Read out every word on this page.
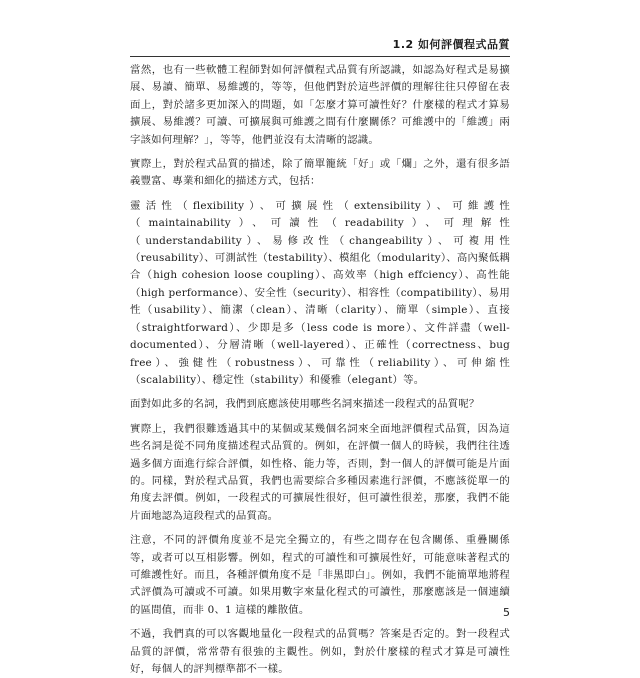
1.2 如何評價程式品質

當然，也有一些軟體工程師對如何評價程式品質有所認識，如認為好程式是易擴展、易讀、簡單、易維護的，等等，但他們對於這些評價的理解往往只停留在表面上，對於諸多更加深入的問題，如「怎麼才算可讀性好？什麼樣的程式才算易擴展、易維護？可讀、可擴展與可維護之間有什麼關係？可維護中的「維護」兩字該如何理解？」，等等，他們並沒有太清晰的認識。

實際上，對於程式品質的描述，除了簡單籠統「好」或「爛」之外，還有很多語義豐富、專業和細化的描述方式，包括：

靈活性（flexibility）、可擴展性（extensibility）、可維護性（maintainability）、可讀性（readability）、可理解性（understandability）、易修改性（changeability）、可複用性（reusability）、可測試性（testability）、模組化（modularity）、高內聚低耦合（high cohesion loose coupling）、高效率（high effciency）、高性能（high performance）、安全性（security）、相容性（compatibility）、易用性（usability）、簡潔（clean）、清晰（clarity）、簡單（simple）、直接（straightforward）、少即是多（less code is more）、文件詳盡（well-documented）、分層清晰（well-layered）、正確性（correctness、bug free）、強健性（robustness）、可靠性（reliability）、可伸縮性（scalability）、穩定性（stability）和優雅（elegant）等。

面對如此多的名詞，我們到底應該使用哪些名詞來描述一段程式的品質呢？

實際上，我們很難透過其中的某個或某幾個名詞來全面地評價程式品質，因為這些名詞是從不同角度描述程式品質的。例如，在評價一個人的時候，我們往往透過多個方面進行綜合評價，如性格、能力等，否則，對一個人的評價可能是片面的。同樣，對於程式品質，我們也需要綜合多種因素進行評價，不應該從單一的角度去評價。例如，一段程式的可擴展性很好，但可讀性很差，那麼，我們不能片面地認為這段程式的品質高。

注意，不同的評價角度並不是完全獨立的，有些之間存在包含關係、重疊關係等，或者可以互相影響。例如，程式的可讀性和可擴展性好，可能意味著程式的可維護性好。而且，各種評價角度不是「非黑即白」。例如，我們不能簡單地將程式評價為可讀或不可讀。如果用數字來量化程式的可讀性，那麼應該是一個連續的區間值，而非 0、1 這樣的離散值。

不過，我們真的可以客觀地量化一段程式的品質嗎？答案是否定的。對一段程式品質的評價，常常帶有很強的主觀性。例如，對於什麼樣的程式才算是可讀性好，每個人的評判標準都不一樣。

5
